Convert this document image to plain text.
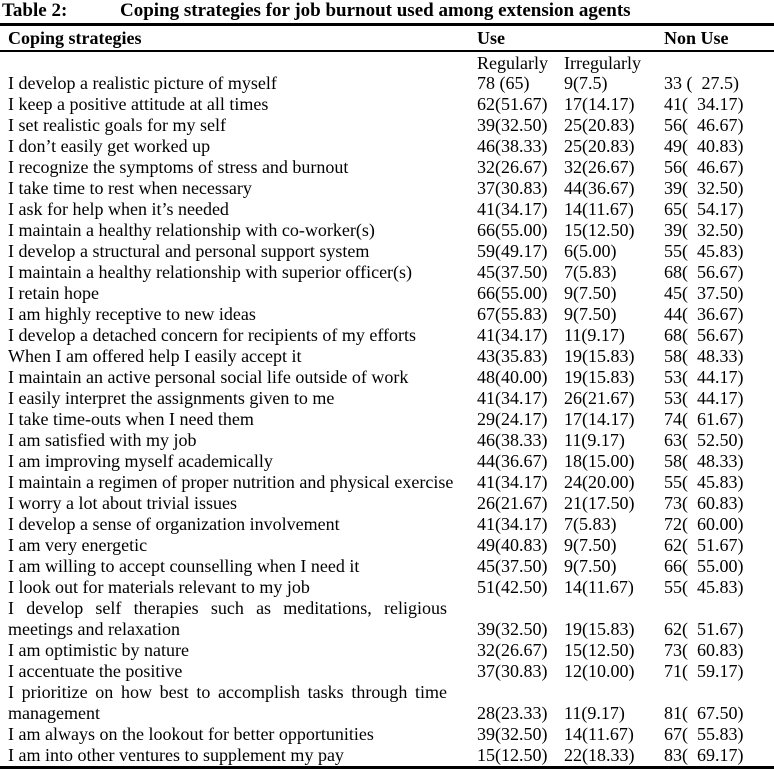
Table 2:	Coping strategies for job burnout used among extension agents
Coping strategies	Use	Non Use
Regularly Irregularly
I develop a realistic picture of myself	78 (65)	9(7.5)	33 (  27.5)
I keep a positive attitude at all times	62(51.67) 17(14.17)	41(  34.17)
I set realistic goals for my self	39(32.50) 25(20.83)	56(  46.67)
I don’t easily get worked up	46(38.33) 25(20.83)	49(  40.83)
I recognize the symptoms of stress and burnout	32(26.67) 32(26.67)	56(  46.67)
I take time to rest when necessary	37(30.83) 44(36.67)	39(  32.50)
I ask for help when it’s needed	41(34.17) 14(11.67)	65(  54.17)
I maintain a healthy relationship with co-worker(s)	66(55.00) 15(12.50)	39(  32.50)
I develop a structural and personal support system	59(49.17) 6(5.00)	55(  45.83)
I maintain a healthy relationship with superior officer(s)	45(37.50) 7(5.83)	68(  56.67)
I retain hope	66(55.00) 9(7.50)	45(  37.50)
I am highly receptive to new ideas	67(55.83) 9(7.50)	44(  36.67)
I develop a detached concern for recipients of my efforts	41(34.17) 11(9.17)	68(  56.67)
When I am offered help I easily accept it	43(35.83) 19(15.83)	58(  48.33)
I maintain an active personal social life outside of work	48(40.00) 19(15.83)	53(  44.17)
I easily interpret the assignments given to me	41(34.17) 26(21.67)	53(  44.17)
I take time-outs when I need them	29(24.17) 17(14.17)	74(  61.67)
I am satisfied with my job	46(38.33) 11(9.17)	63(  52.50)
I am improving myself academically	44(36.67) 18(15.00)	58(  48.33)
I maintain a regimen of proper nutrition and physical exercise	41(34.17) 24(20.00)	55(  45.83)
I worry a lot about trivial issues	26(21.67) 21(17.50)	73(  60.83)
I develop a sense of organization involvement	41(34.17) 7(5.83)	72(  60.00)
I am very energetic	49(40.83) 9(7.50)	62(  51.67)
I am willing to accept counselling when I need it	45(37.50) 9(7.50)	66(  55.00)
I look out for materials relevant to my job	51(42.50) 14(11.67)	55(  45.83)
I develop self therapies such as meditations, religious meetings and relaxation	39(32.50) 19(15.83)	62(  51.67)
I am optimistic by nature	32(26.67) 15(12.50)	73(  60.83)
I accentuate the positive	37(30.83) 12(10.00)	71(  59.17)
I prioritize on how best to accomplish tasks through time management	28(23.33) 11(9.17)	81(  67.50)
I am always on the lookout for better opportunities	39(32.50) 14(11.67)	67(  55.83)
I am into other ventures to supplement my pay	15(12.50) 22(18.33)	83(  69.17)
